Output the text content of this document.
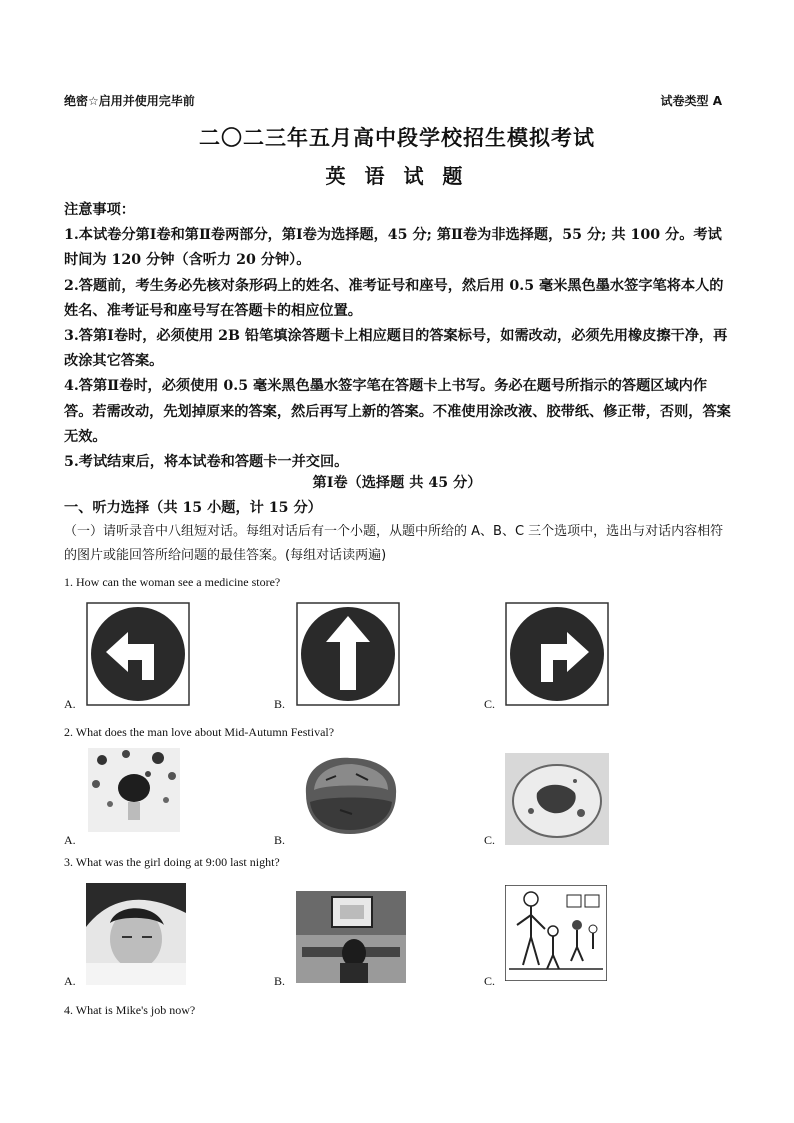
绝密☆启用并使用完毕前	试卷类型 A
二〇二三年五月高中段学校招生模拟考试
英 语 试 题

注意事项：

1.本试卷分第Ⅰ卷和第Ⅱ卷两部分，第Ⅰ卷为选择题，45 分; 第Ⅱ卷为非选择题，55 分; 共 100 分。考试时间为 120 分钟（含听力 20 分钟）。

2.答题前，考生务必先核对条形码上的姓名、准考证号和座号，然后用 0.5 毫米黑色墨水签字笔将本人的姓名、准考证号和座号写在答题卡的相应位置。

3.答第Ⅰ卷时，必须使用 2B 铅笔填涂答题卡上相应题目的答案标号，如需改动，必须先用橡皮擦干净，再改涂其它答案。

4.答第Ⅱ卷时，必须使用 0.5 毫米黑色墨水签字笔在答题卡上书写。务必在题号所指示的答题区域内作答。若需改动，先划掉原来的答案，然后再写上新的答案。不准使用涂改液、胶带纸、修正带，否则，答案无效。

5.考试结束后，将本试卷和答题卡一并交回。

第Ⅰ卷（选择题 共 45 分）
一、听力选择（共 15 小题，计 15 分）
（一）请听录音中八组短对话。每组对话后有一个小题，从题中所给的 A、B、C 三个选项中，选出与对话内容相符的图片或能回答所给问题的最佳答案。(每组对话读两遍)
1. How can the woman see a medicine store?
A.	B.	C.
2. What does the man love about Mid-Autumn Festival?
A.	B.	C.
3. What was the girl doing at 9:00 last night?
A.	B.	C.
4. What is Mike's job now?
